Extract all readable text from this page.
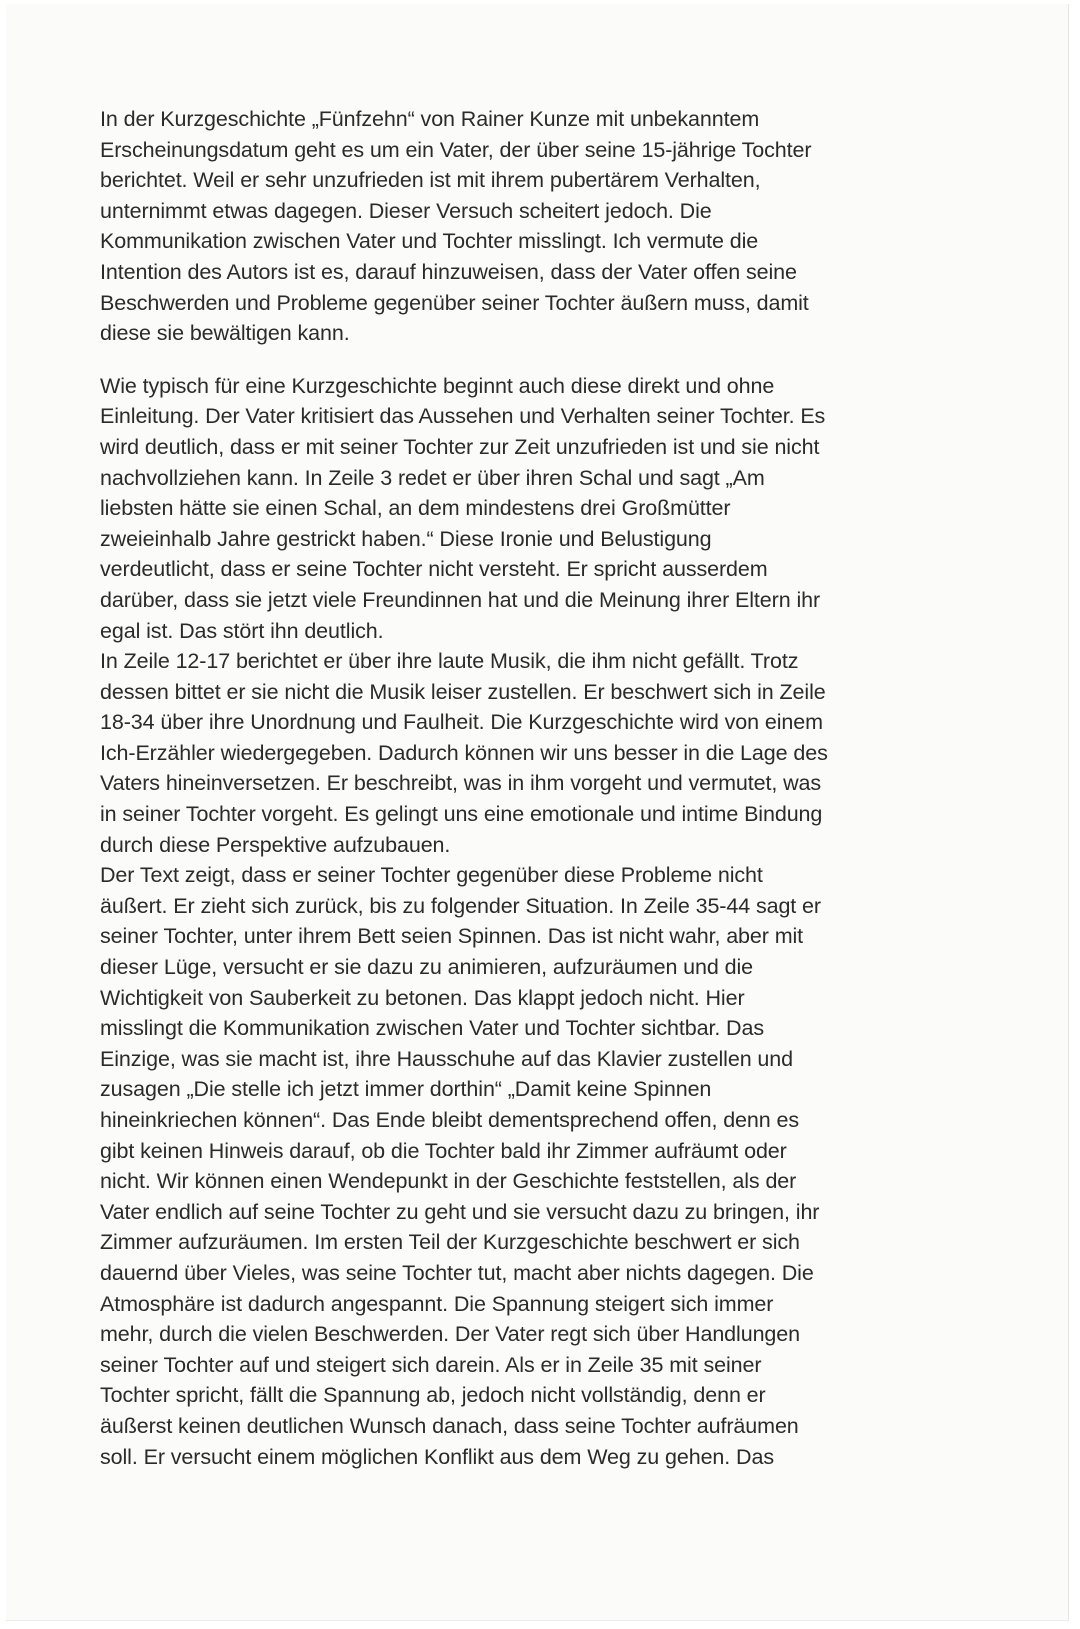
In der Kurzgeschichte „Fünfzehn“ von Rainer Kunze mit unbekanntem
Erscheinungsdatum geht es um ein Vater, der über seine 15-jährige Tochter
berichtet. Weil er sehr unzufrieden ist mit ihrem pubertärem Verhalten,
unternimmt etwas dagegen. Dieser Versuch scheitert jedoch. Die
Kommunikation zwischen Vater und Tochter misslingt. Ich vermute die
Intention des Autors ist es, darauf hinzuweisen, dass der Vater offen seine
Beschwerden und Probleme gegenüber seiner Tochter äußern muss, damit
diese sie bewältigen kann.
Wie typisch für eine Kurzgeschichte beginnt auch diese direkt und ohne
Einleitung. Der Vater kritisiert das Aussehen und Verhalten seiner Tochter. Es
wird deutlich, dass er mit seiner Tochter zur Zeit unzufrieden ist und sie nicht
nachvollziehen kann. In Zeile 3 redet er über ihren Schal und sagt „Am
liebsten hätte sie einen Schal, an dem mindestens drei Großmütter
zweieinhalb Jahre gestrickt haben.“ Diese Ironie und Belustigung
verdeutlicht, dass er seine Tochter nicht versteht. Er spricht ausserdem
darüber, dass sie jetzt viele Freundinnen hat und die Meinung ihrer Eltern ihr
egal ist. Das stört ihn deutlich.
In Zeile 12-17 berichtet er über ihre laute Musik, die ihm nicht gefällt. Trotz
dessen bittet er sie nicht die Musik leiser zustellen. Er beschwert sich in Zeile
18-34 über ihre Unordnung und Faulheit. Die Kurzgeschichte wird von einem
Ich-Erzähler wiedergegeben. Dadurch können wir uns besser in die Lage des
Vaters hineinversetzen. Er beschreibt, was in ihm vorgeht und vermutet, was
in seiner Tochter vorgeht. Es gelingt uns eine emotionale und intime Bindung
durch diese Perspektive aufzubauen.
Der Text zeigt, dass er seiner Tochter gegenüber diese Probleme nicht
äußert. Er zieht sich zurück, bis zu folgender Situation. In Zeile 35-44 sagt er
seiner Tochter, unter ihrem Bett seien Spinnen. Das ist nicht wahr, aber mit
dieser Lüge, versucht er sie dazu zu animieren, aufzuräumen und die
Wichtigkeit von Sauberkeit zu betonen. Das klappt jedoch nicht. Hier
misslingt die Kommunikation zwischen Vater und Tochter sichtbar. Das
Einzige, was sie macht ist, ihre Hausschuhe auf das Klavier zustellen und
zusagen „Die stelle ich jetzt immer dorthin“ „Damit keine Spinnen
hineinkriechen können“. Das Ende bleibt dementsprechend offen, denn es
gibt keinen Hinweis darauf, ob die Tochter bald ihr Zimmer aufräumt oder
nicht. Wir können einen Wendepunkt in der Geschichte feststellen, als der
Vater endlich auf seine Tochter zu geht und sie versucht dazu zu bringen, ihr
Zimmer aufzuräumen. Im ersten Teil der Kurzgeschichte beschwert er sich
dauernd über Vieles, was seine Tochter tut, macht aber nichts dagegen. Die
Atmosphäre ist dadurch angespannt. Die Spannung steigert sich immer
mehr, durch die vielen Beschwerden. Der Vater regt sich über Handlungen
seiner Tochter auf und steigert sich darein. Als er in Zeile 35 mit seiner
Tochter spricht, fällt die Spannung ab, jedoch nicht vollständig, denn er
äußerst keinen deutlichen Wunsch danach, dass seine Tochter aufräumen
soll. Er versucht einem möglichen Konflikt aus dem Weg zu gehen. Das
